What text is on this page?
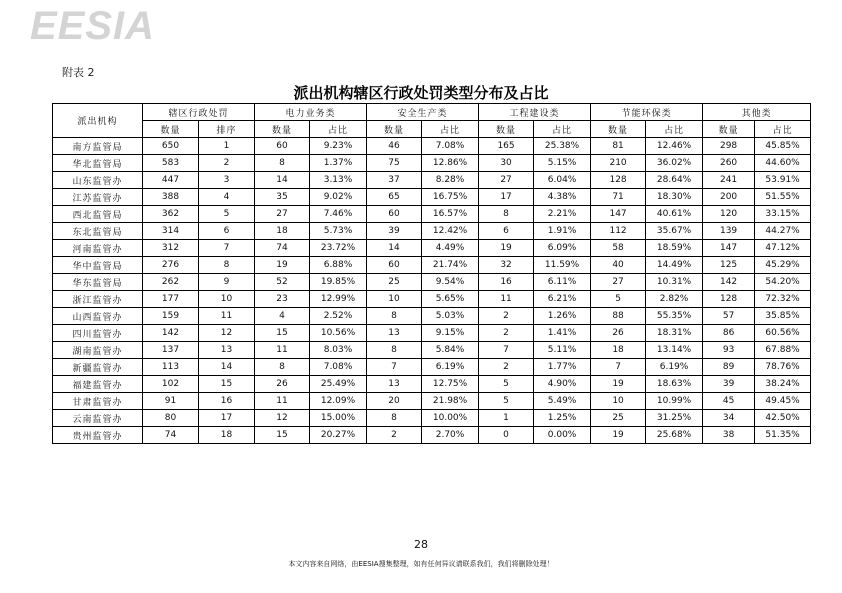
EESIA
附表 2
派出机构辖区行政处罚类型分布及占比
派出机构	辖区行政处罚		电力业务类		安全生产类		工程建设类		节能环保类		其他类	
	数量	排序	数量	占比	数量	占比	数量	占比	数量	占比	数量	占比
南方监管局	650	1	60	9.23%	46	7.08%	165	25.38%	81	12.46%	298	45.85%
华北监管局	583	2	8	1.37%	75	12.86%	30	5.15%	210	36.02%	260	44.60%
山东监管办	447	3	14	3.13%	37	8.28%	27	6.04%	128	28.64%	241	53.91%
江苏监管办	388	4	35	9.02%	65	16.75%	17	4.38%	71	18.30%	200	51.55%
西北监管局	362	5	27	7.46%	60	16.57%	8	2.21%	147	40.61%	120	33.15%
东北监管局	314	6	18	5.73%	39	12.42%	6	1.91%	112	35.67%	139	44.27%
河南监管办	312	7	74	23.72%	14	4.49%	19	6.09%	58	18.59%	147	47.12%
华中监管局	276	8	19	6.88%	60	21.74%	32	11.59%	40	14.49%	125	45.29%
华东监管局	262	9	52	19.85%	25	9.54%	16	6.11%	27	10.31%	142	54.20%
浙江监管办	177	10	23	12.99%	10	5.65%	11	6.21%	5	2.82%	128	72.32%
山西监管办	159	11	4	2.52%	8	5.03%	2	1.26%	88	55.35%	57	35.85%
四川监管办	142	12	15	10.56%	13	9.15%	2	1.41%	26	18.31%	86	60.56%
湖南监管办	137	13	11	8.03%	8	5.84%	7	5.11%	18	13.14%	93	67.88%
新疆监管办	113	14	8	7.08%	7	6.19%	2	1.77%	7	6.19%	89	78.76%
福建监管办	102	15	26	25.49%	13	12.75%	5	4.90%	19	18.63%	39	38.24%
甘肃监管办	91	16	11	12.09%	20	21.98%	5	5.49%	10	10.99%	45	49.45%
云南监管办	80	17	12	15.00%	8	10.00%	1	1.25%	25	31.25%	34	42.50%
贵州监管办	74	18	15	20.27%	2	2.70%	0	0.00%	19	25.68%	38	51.35%
28
本文内容来自网络，由EESIA搜集整理，如有任何异议请联系我们，我们将删除处理！
